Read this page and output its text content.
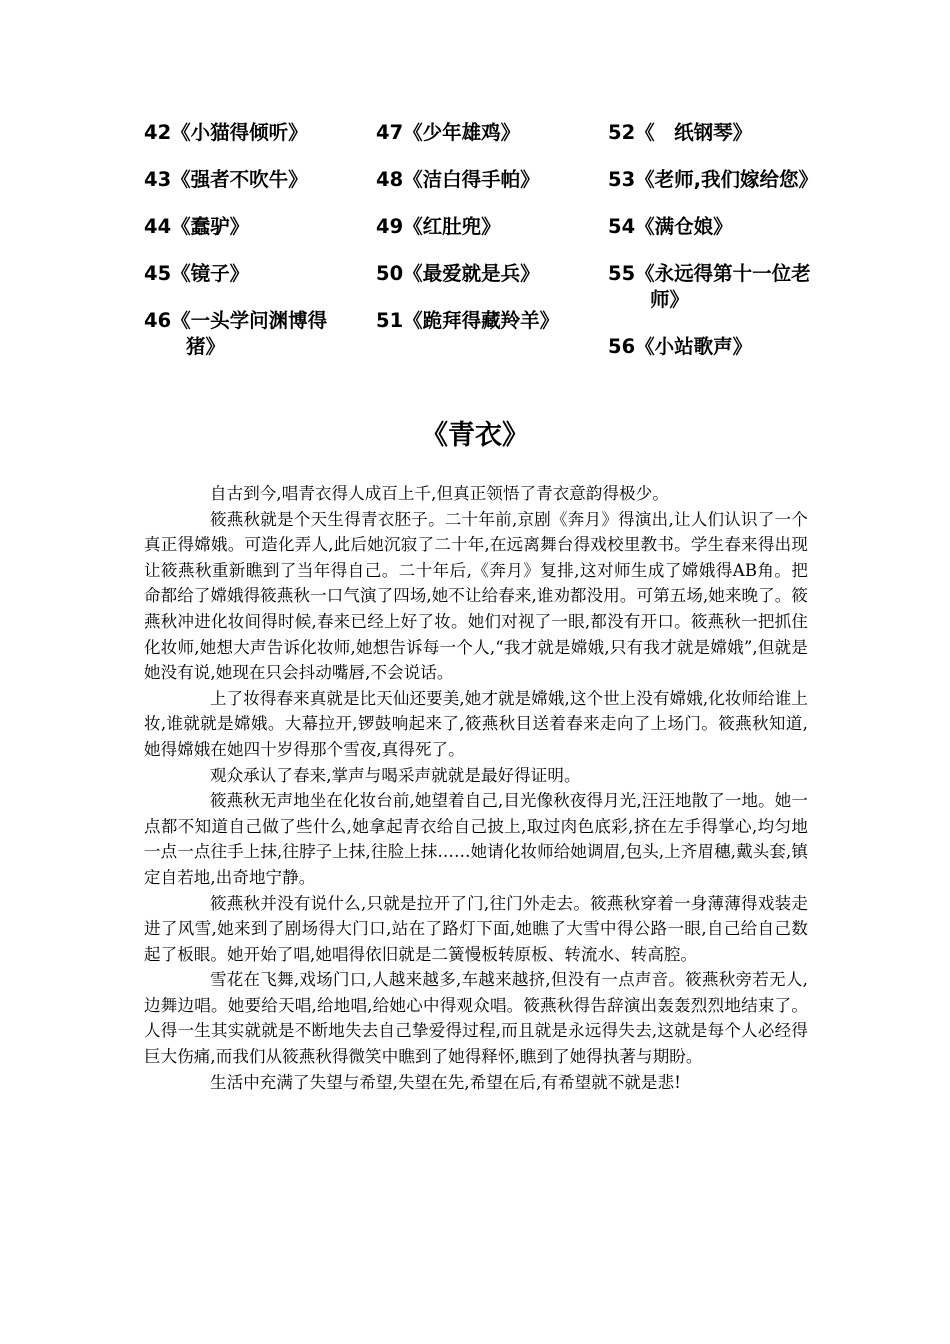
42《小猫得倾听》

43《强者不吹牛》

44《蠢驴》

45《镜子》

46《一头学问渊博得猪》

47《少年雄鸡》

48《洁白得手帕》

49《红肚兜》

50《最爱就是兵》

51《跪拜得藏羚羊》

52《　纸钢琴》

53《老师,我们嫁给您》

54《满仓娘》

55《永远得第十一位老师》

56《小站歌声》

《青衣》

自古到今,唱青衣得人成百上千,但真正领悟了青衣意韵得极少。

筱燕秋就是个天生得青衣胚子。二十年前,京剧《奔月》得演出,让人们认识了一个真正得嫦娥。可造化弄人,此后她沉寂了二十年,在远离舞台得戏校里教书。学生春来得出现让筱燕秋重新瞧到了当年得自己。二十年后,《奔月》复排,这对师生成了嫦娥得AB角。把命都给了嫦娥得筱燕秋一口气演了四场,她不让给春来,谁劝都没用。可第五场,她来晚了。筱燕秋冲进化妆间得时候,春来已经上好了妆。她们对视了一眼,都没有开口。筱燕秋一把抓住化妆师,她想大声告诉化妆师,她想告诉每一个人,“我才就是嫦娥,只有我才就是嫦娥”,但就是她没有说,她现在只会抖动嘴唇,不会说话。

上了妆得春来真就是比天仙还要美,她才就是嫦娥,这个世上没有嫦娥,化妆师给谁上妆,谁就就是嫦娥。大幕拉开,锣鼓响起来了,筱燕秋目送着春来走向了上场门。筱燕秋知道,她得嫦娥在她四十岁得那个雪夜,真得死了。

观众承认了春来,掌声与喝采声就就是最好得证明。

筱燕秋无声地坐在化妆台前,她望着自己,目光像秋夜得月光,汪汪地散了一地。她一点都不知道自己做了些什么,她拿起青衣给自己披上,取过肉色底彩,挤在左手得掌心,均匀地一点一点往手上抹,往脖子上抹,往脸上抹……她请化妆师给她调眉,包头,上齐眉穗,戴头套,镇定自若地,出奇地宁静。

筱燕秋并没有说什么,只就是拉开了门,往门外走去。筱燕秋穿着一身薄薄得戏装走进了风雪,她来到了剧场得大门口,站在了路灯下面,她瞧了大雪中得公路一眼,自己给自己数起了板眼。她开始了唱,她唱得依旧就是二簧慢板转原板、转流水、转高腔。

雪花在飞舞,戏场门口,人越来越多,车越来越挤,但没有一点声音。筱燕秋旁若无人,边舞边唱。她要给天唱,给地唱,给她心中得观众唱。筱燕秋得告辞演出轰轰烈烈地结束了。人得一生其实就就是不断地失去自己挚爱得过程,而且就是永远得失去,这就是每个人必经得巨大伤痛,而我们从筱燕秋得微笑中瞧到了她得释怀,瞧到了她得执著与期盼。

生活中充满了失望与希望,失望在先,希望在后,有希望就不就是悲!
